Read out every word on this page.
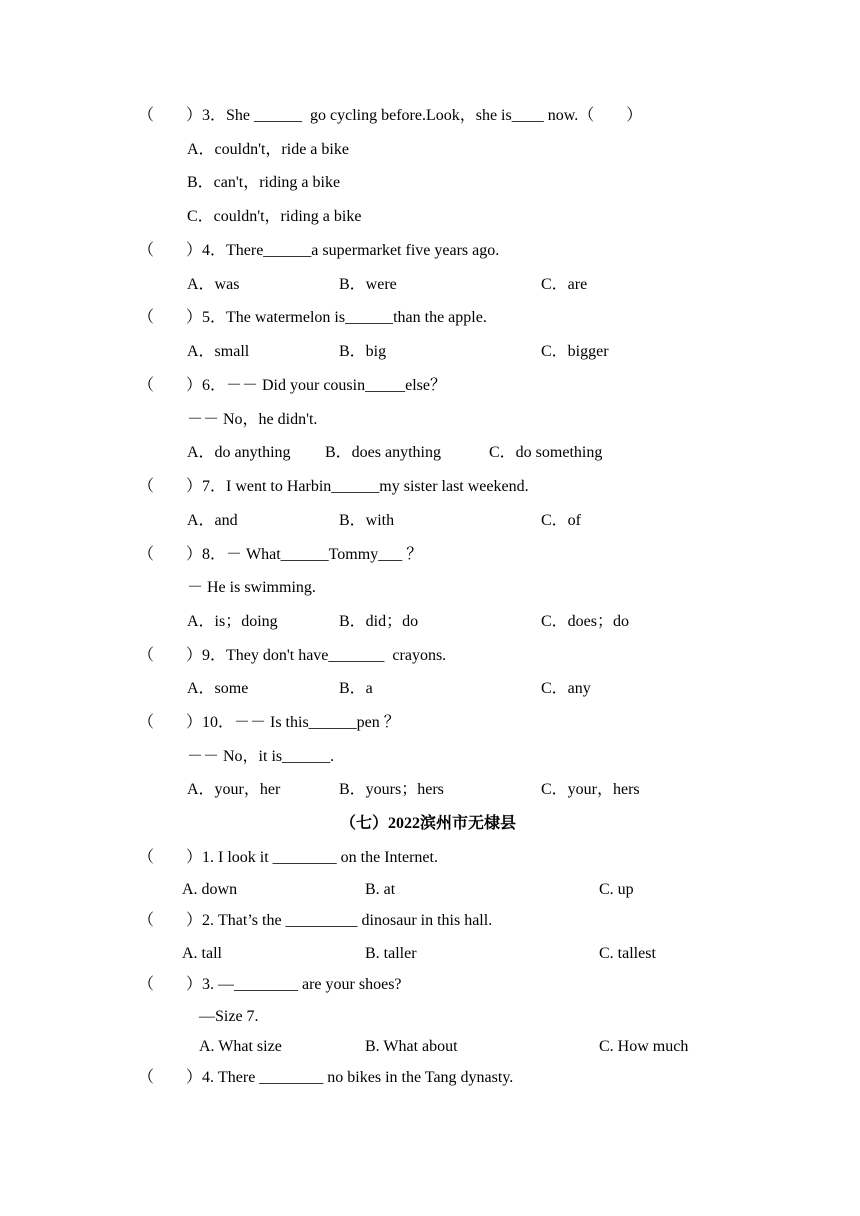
（　　）3．She ______  go cycling before.Look，she is____ now.（　　）
A．couldn't，ride a bike
B．can't，riding a bike
C．couldn't，riding a bike
（　　）4．There______a supermarket five years ago.
A．was	B．were	C．are
（　　）5．The watermelon is______than the apple.
A．small	B．big	C．bigger
（　　）6．－－ Did your cousin_____else？
－－ No，he didn't.
A．do anything B．does anything	C．do something
（　　）7．I went to Harbin______my sister last weekend.
A．and	B．with	C．of
（　　）8．－ What______Tommy___ ？
－ He is swimming.
A．is；doing	B．did；do	C．does；do
（　　）9．They don't have_______  crayons.
A．some	B．a	C．any
（　　）10．－－ Is this______pen ？
－－ No，it is______.
A．your，her	B．yours；hers	C．your，hers
（七）2022滨州市无棣县
（　　）1. I look it ________ on the Internet.
A. down	B. at	C. up
（　　）2. That’s the _________ dinosaur in this hall.
A. tall	B. taller	C. tallest
（　　）3. —________ are your shoes?
—Size 7.
A. What size	B. What about	C. How much
（　　）4. There ________ no bikes in the Tang dynasty.
